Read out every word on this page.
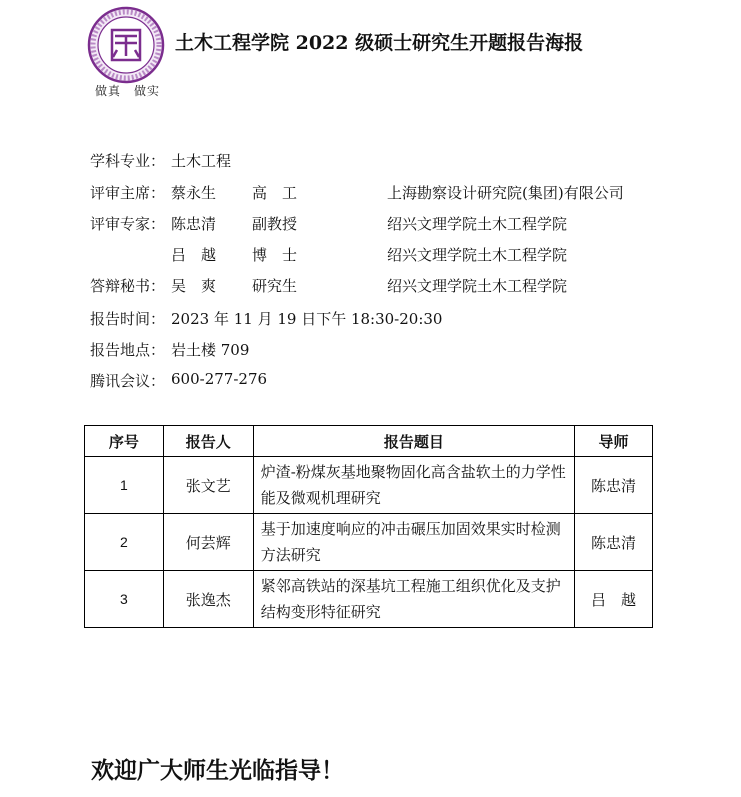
做真　做实
土木工程学院 2022 级硕士研究生开题报告海报
学科专业： 土木工程
评审主席： 蔡永生 高　工	上海勘察设计研究院(集团)有限公司
评审专家： 陈忠清 副教授	绍兴文理学院土木工程学院
吕　越 博　士	绍兴文理学院土木工程学院
答辩秘书： 吴　爽 研究生	绍兴文理学院土木工程学院
报告时间： 2023 年 11 月 19 日下午 18:30-20:30
报告地点： 岩土楼 709
腾讯会议： 600-277-276
序号	报告人	报告题目	导师
1	张文艺	炉渣-粉煤灰基地聚物固化高含盐软土的力学性能及微观机理研究	陈忠清
2	何芸辉	基于加速度响应的冲击碾压加固效果实时检测方法研究	陈忠清
3	张逸杰	紧邻高铁站的深基坑工程施工组织优化及支护结构变形特征研究	吕　越
欢迎广大师生光临指导！
